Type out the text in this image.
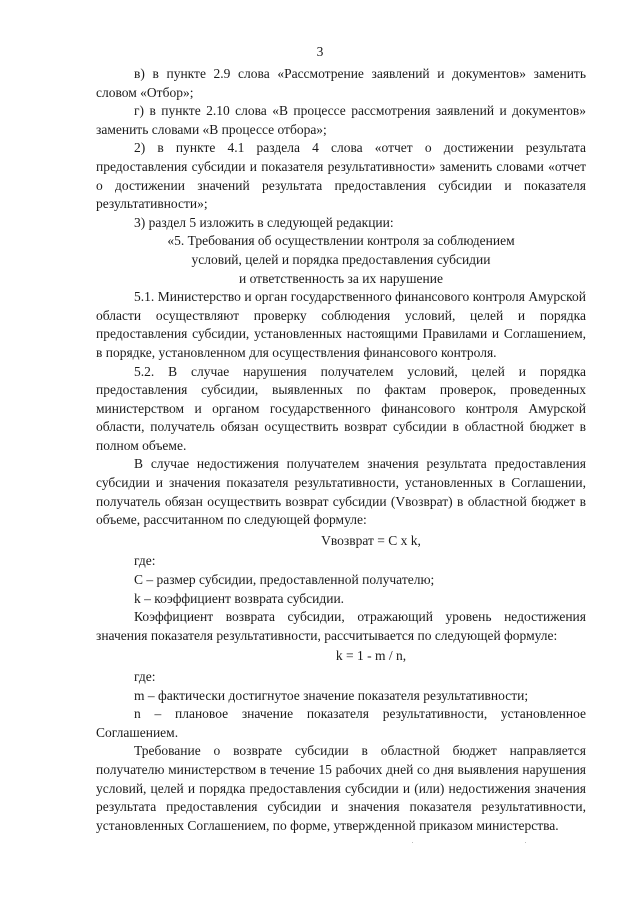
3

в) в пункте 2.9 слова «Рассмотрение заявлений и документов» заменить словом «Отбор»;

г) в пункте 2.10 слова «В процессе рассмотрения заявлений и документов» заменить словами «В процессе отбора»;

2) в пункте 4.1 раздела 4 слова «отчет о достижении результата предоставления субсидии и показателя результативности» заменить словами «отчет о достижении значений результата предоставления субсидии и показателя результативности»;

3) раздел 5 изложить в следующей редакции:

«5. Требования об осуществлении контроля за соблюдением
условий, целей и порядка предоставления субсидии
и ответственность за их нарушение

5.1. Министерство и орган государственного финансового контроля Амурской области осуществляют проверку соблюдения условий, целей и порядка предоставления субсидии, установленных настоящими Правилами и Соглашением, в порядке, установленном для осуществления финансового контроля.

5.2. В случае нарушения получателем условий, целей и порядка предоставления субсидии, выявленных по фактам проверок, проведенных министерством и органом государственного финансового контроля Амурской области, получатель обязан осуществить возврат субсидии в областной бюджет в полном объеме.

В случае недостижения получателем значения результата предоставления субсидии и значения показателя результативности, установленных в Соглашении, получатель обязан осуществить возврат субсидии (Vвозврат) в областной бюджет в объеме, рассчитанном по следующей формуле:

Vвозврат = C x k,

где:

C – размер субсидии, предоставленной получателю;

k – коэффициент возврата субсидии.

Коэффициент возврата субсидии, отражающий уровень недостижения значения показателя результативности, рассчитывается по следующей формуле:

k = 1 - m / n,

где:

m – фактически достигнутое значение показателя результативности;

n – плановое значение показателя результативности, установленное Соглашением.

Требование о возврате субсидии в областной бюджет направляется получателю министерством в течение 15 рабочих дней со дня выявления нарушения условий, целей и порядка предоставления субсидии и (или) недостижения значения результата предоставления субсидии и значения показателя результативности, установленных Соглашением, по форме, утвержденной приказом министерства.
